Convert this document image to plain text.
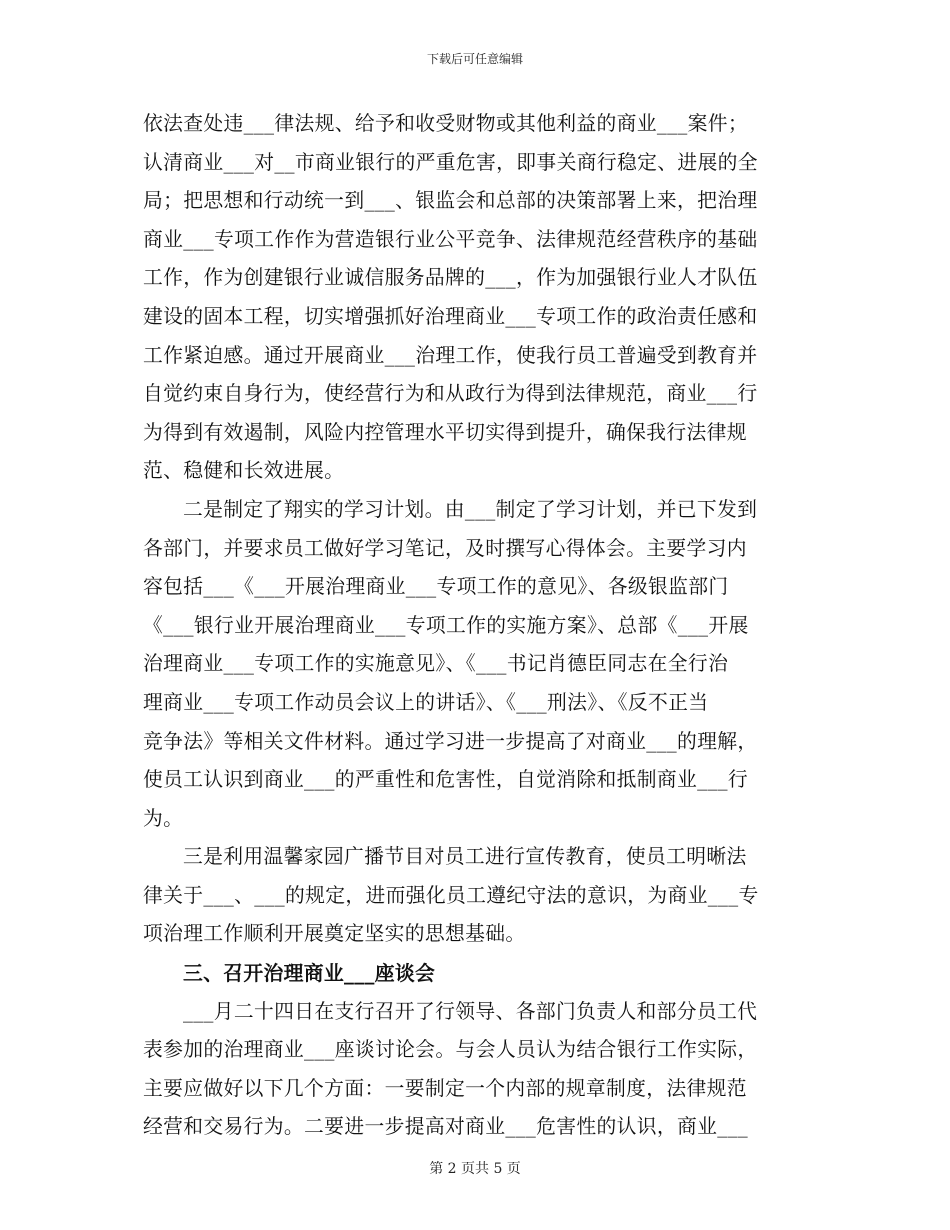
下载后可任意编辑
依法查处违___律法规、给予和收受财物或其他利益的商业___案件；
认清商业___对__市商业银行的严重危害，即事关商行稳定、进展的全
局；把思想和行动统一到___、银监会和总部的决策部署上来，把治理
商业___专项工作作为营造银行业公平竞争、法律规范经营秩序的基础
工作，作为创建银行业诚信服务品牌的___，作为加强银行业人才队伍
建设的固本工程，切实增强抓好治理商业___专项工作的政治责任感和
工作紧迫感。通过开展商业___治理工作，使我行员工普遍受到教育并
自觉约束自身行为，使经营行为和从政行为得到法律规范，商业___行
为得到有效遏制，风险内控管理水平切实得到提升，确保我行法律规
范、稳健和长效进展。
二是制定了翔实的学习计划。由___制定了学习计划，并已下发到
各部门，并要求员工做好学习笔记，及时撰写心得体会。主要学习内
容包括___《___开展治理商业___专项工作的意见》、各级银监部门
《___银行业开展治理商业___专项工作的实施方案》、总部《___开展
治理商业___专项工作的实施意见》、《___书记肖德臣同志在全行治
理商业___专项工作动员会议上的讲话》、《___刑法》、《反不正当
竞争法》等相关文件材料。通过学习进一步提高了对商业___的理解，
使员工认识到商业___的严重性和危害性，自觉消除和抵制商业___行
为。
三是利用温馨家园广播节目对员工进行宣传教育，使员工明晰法
律关于___、___的规定，进而强化员工遵纪守法的意识，为商业___专
项治理工作顺利开展奠定坚实的思想基础。
三、召开治理商业___座谈会
___月二十四日在支行召开了行领导、各部门负责人和部分员工代
表参加的治理商业___座谈讨论会。与会人员认为结合银行工作实际，
主要应做好以下几个方面：一要制定一个内部的规章制度，法律规范
经营和交易行为。二要进一步提高对商业___危害性的认识，商业___
第 2 页共 5 页
